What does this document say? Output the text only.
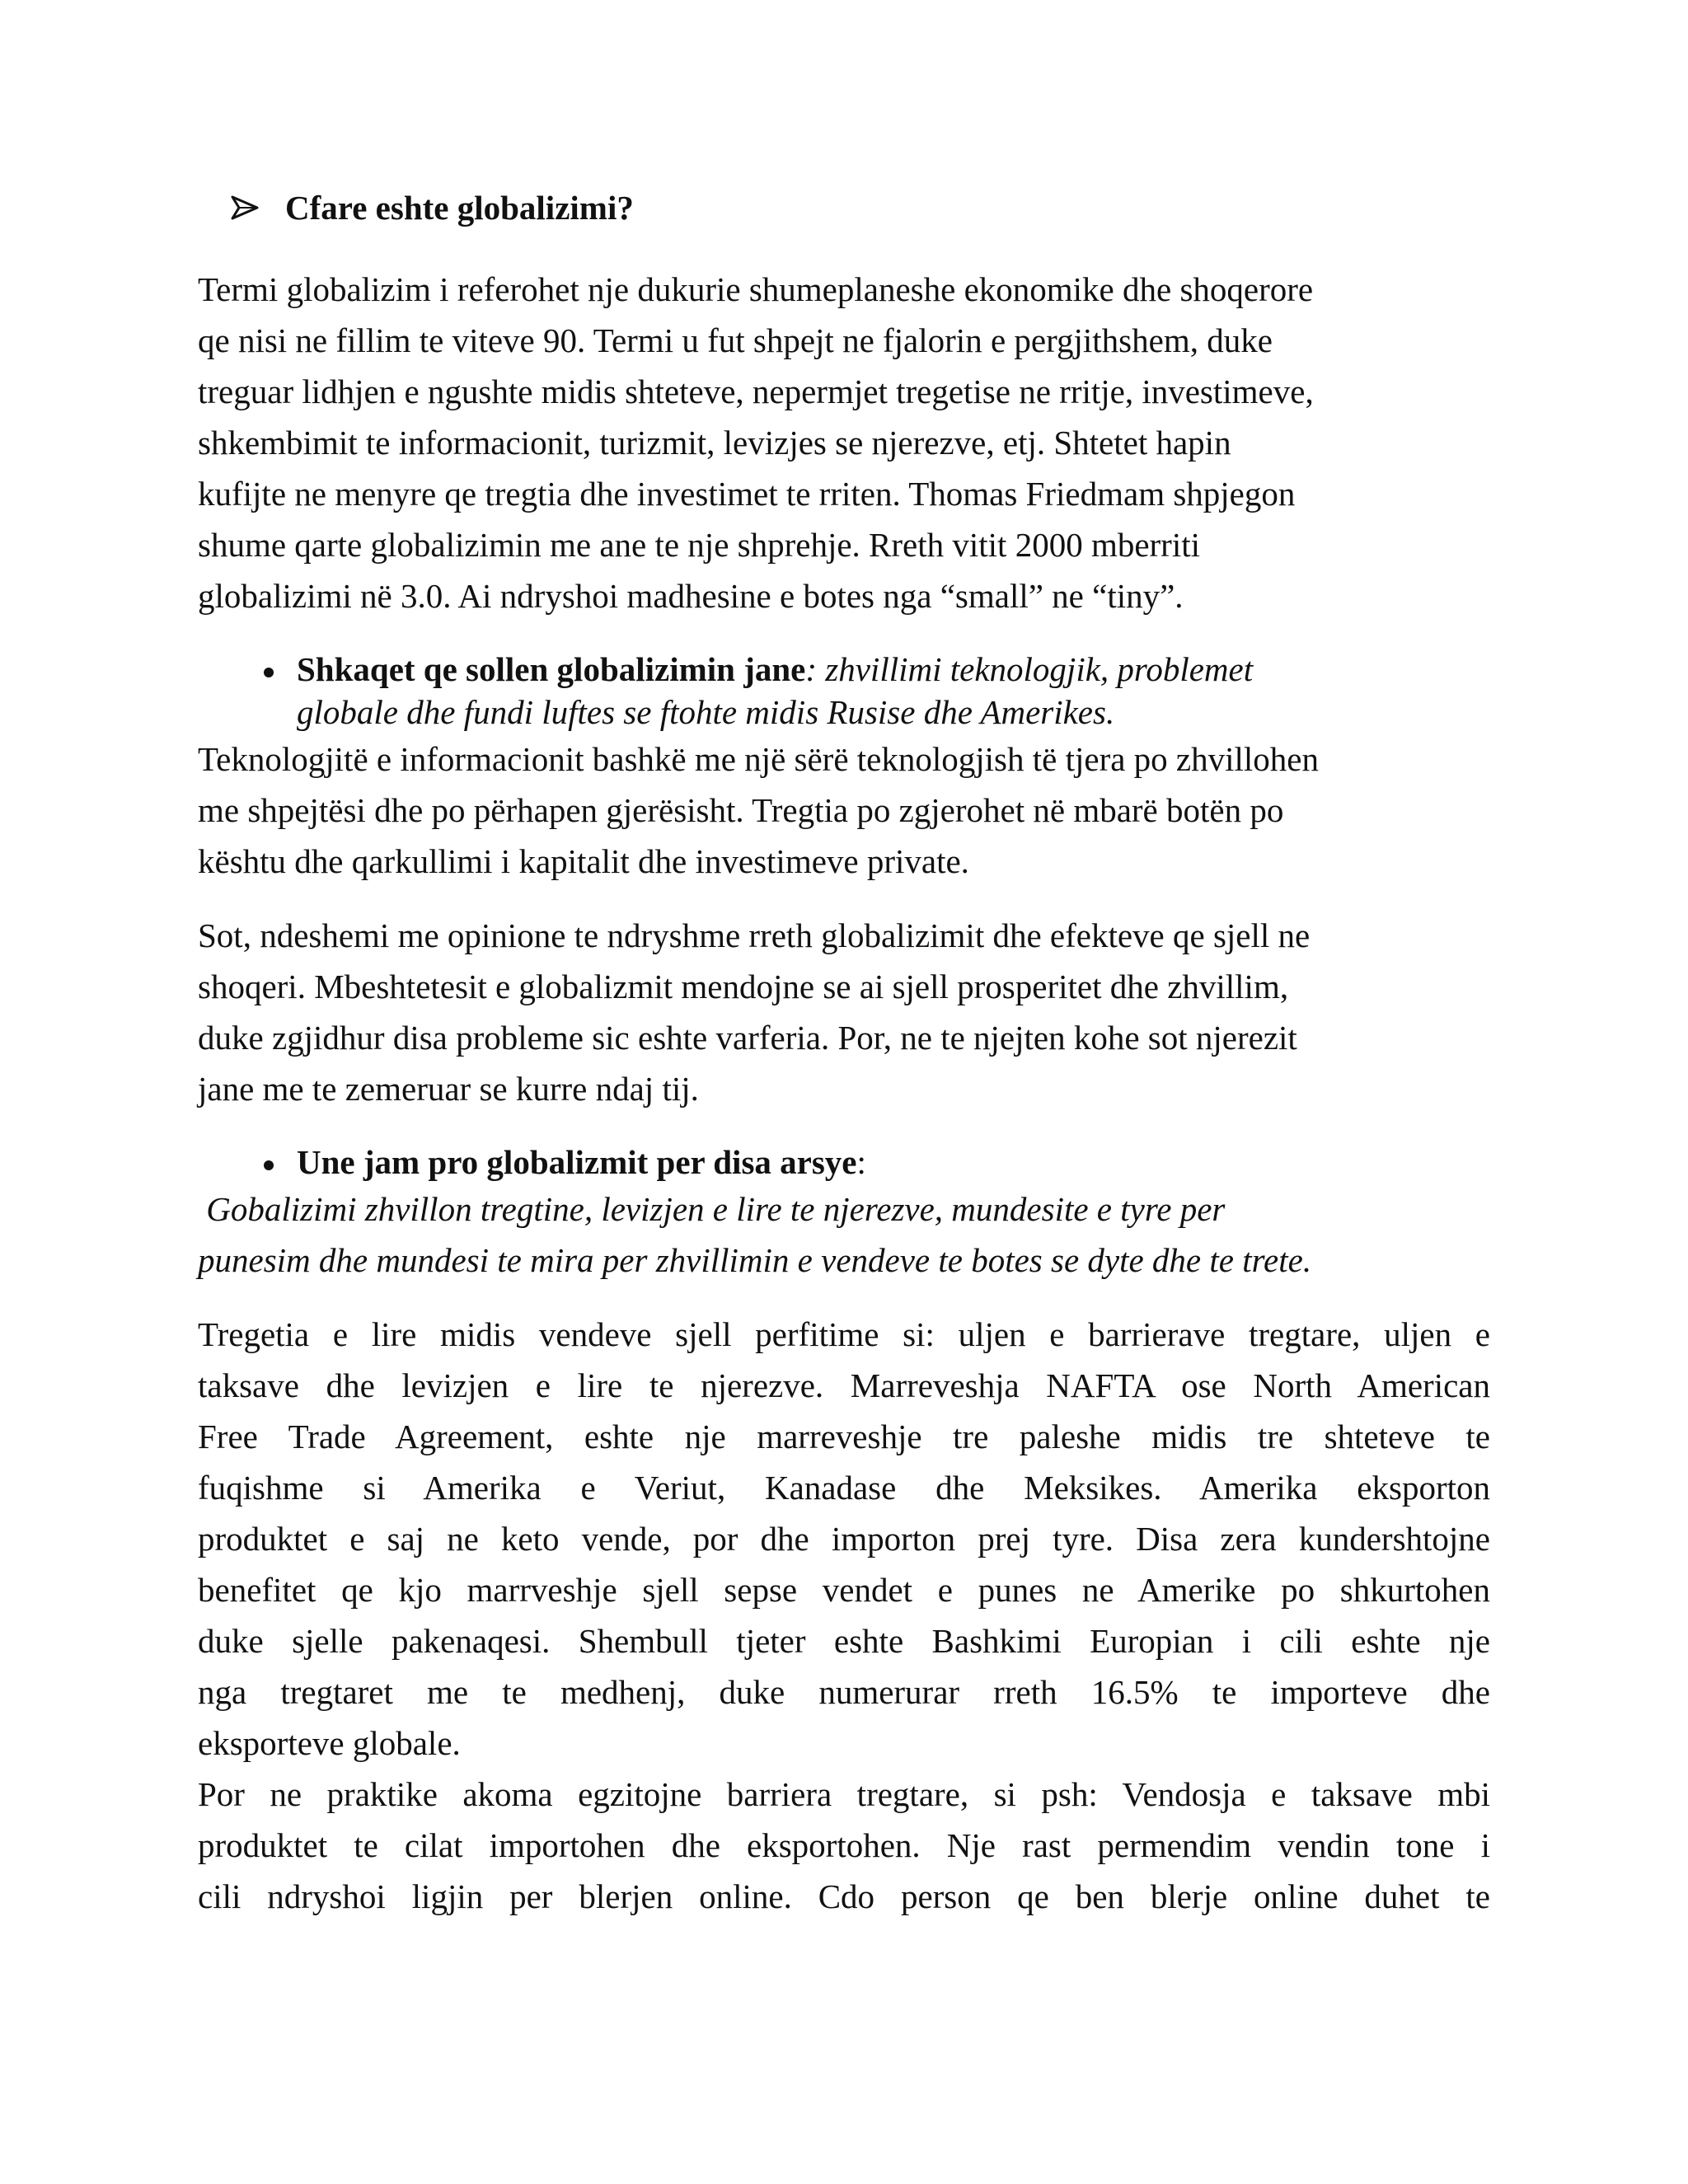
Cfare eshte globalizimi?

Termi globalizim i referohet nje dukurie shumeplaneshe ekonomike dhe shoqerore

qe nisi ne fillim te viteve 90. Termi u fut shpejt ne fjalorin e pergjithshem, duke

treguar lidhjen e ngushte midis shteteve, nepermjet tregetise ne rritje, investimeve,

shkembimit te informacionit, turizmit, levizjes se njerezve, etj. Shtetet hapin

kufijte ne menyre qe tregtia dhe investimet te rriten. Thomas Friedmam shpjegon

shume qarte globalizimin me ane te nje shprehje. Rreth vitit 2000 mberriti

globalizimi në 3.0. Ai ndryshoi madhesine e botes nga “small” ne “tiny”.

Shkaqet qe sollen globalizimin jane: zhvillimi teknologjik, problemet

globale dhe fundi luftes se ftohte midis Rusise dhe Amerikes.

Teknologjitë e informacionit bashkë me një sërë teknologjish të tjera po zhvillohen

me shpejtësi dhe po përhapen gjerësisht. Tregtia po zgjerohet në mbarë botën po

kështu dhe qarkullimi i kapitalit dhe investimeve private.

Sot, ndeshemi me opinione te ndryshme rreth globalizimit dhe efekteve qe sjell ne

shoqeri. Mbeshtetesit e globalizmit mendojne se ai sjell prosperitet dhe zhvillim,

duke zgjidhur disa probleme sic eshte varferia. Por, ne te njejten kohe sot njerezit

jane me te zemeruar se kurre ndaj tij.

Une jam pro globalizmit per disa arsye:

Gobalizimi zhvillon tregtine, levizjen e lire te njerezve, mundesite e tyre per

punesim dhe mundesi te mira per zhvillimin e vendeve te botes se dyte dhe te trete.

Tregetia e lire midis vendeve sjell perfitime si: uljen e barrierave tregtare, uljen e

taksave dhe levizjen e lire te njerezve. Marreveshja NAFTA ose North American

Free Trade Agreement, eshte nje marreveshje tre paleshe midis tre shteteve te

fuqishme si Amerika e Veriut, Kanadase dhe Meksikes. Amerika eksporton

produktet e saj ne keto vende, por dhe importon prej tyre. Disa zera kundershtojne

benefitet qe kjo marrveshje sjell sepse vendet e punes ne Amerike po shkurtohen

duke sjelle pakenaqesi. Shembull tjeter eshte Bashkimi Europian i cili eshte nje

nga tregtaret me te medhenj, duke numerurar rreth 16.5% te importeve dhe

eksporteve globale.

Por ne praktike akoma egzitojne barriera tregtare, si psh: Vendosja e taksave mbi

produktet te cilat importohen dhe eksportohen. Nje rast permendim vendin tone i

cili ndryshoi ligjin per blerjen online. Cdo person qe ben blerje online duhet te
